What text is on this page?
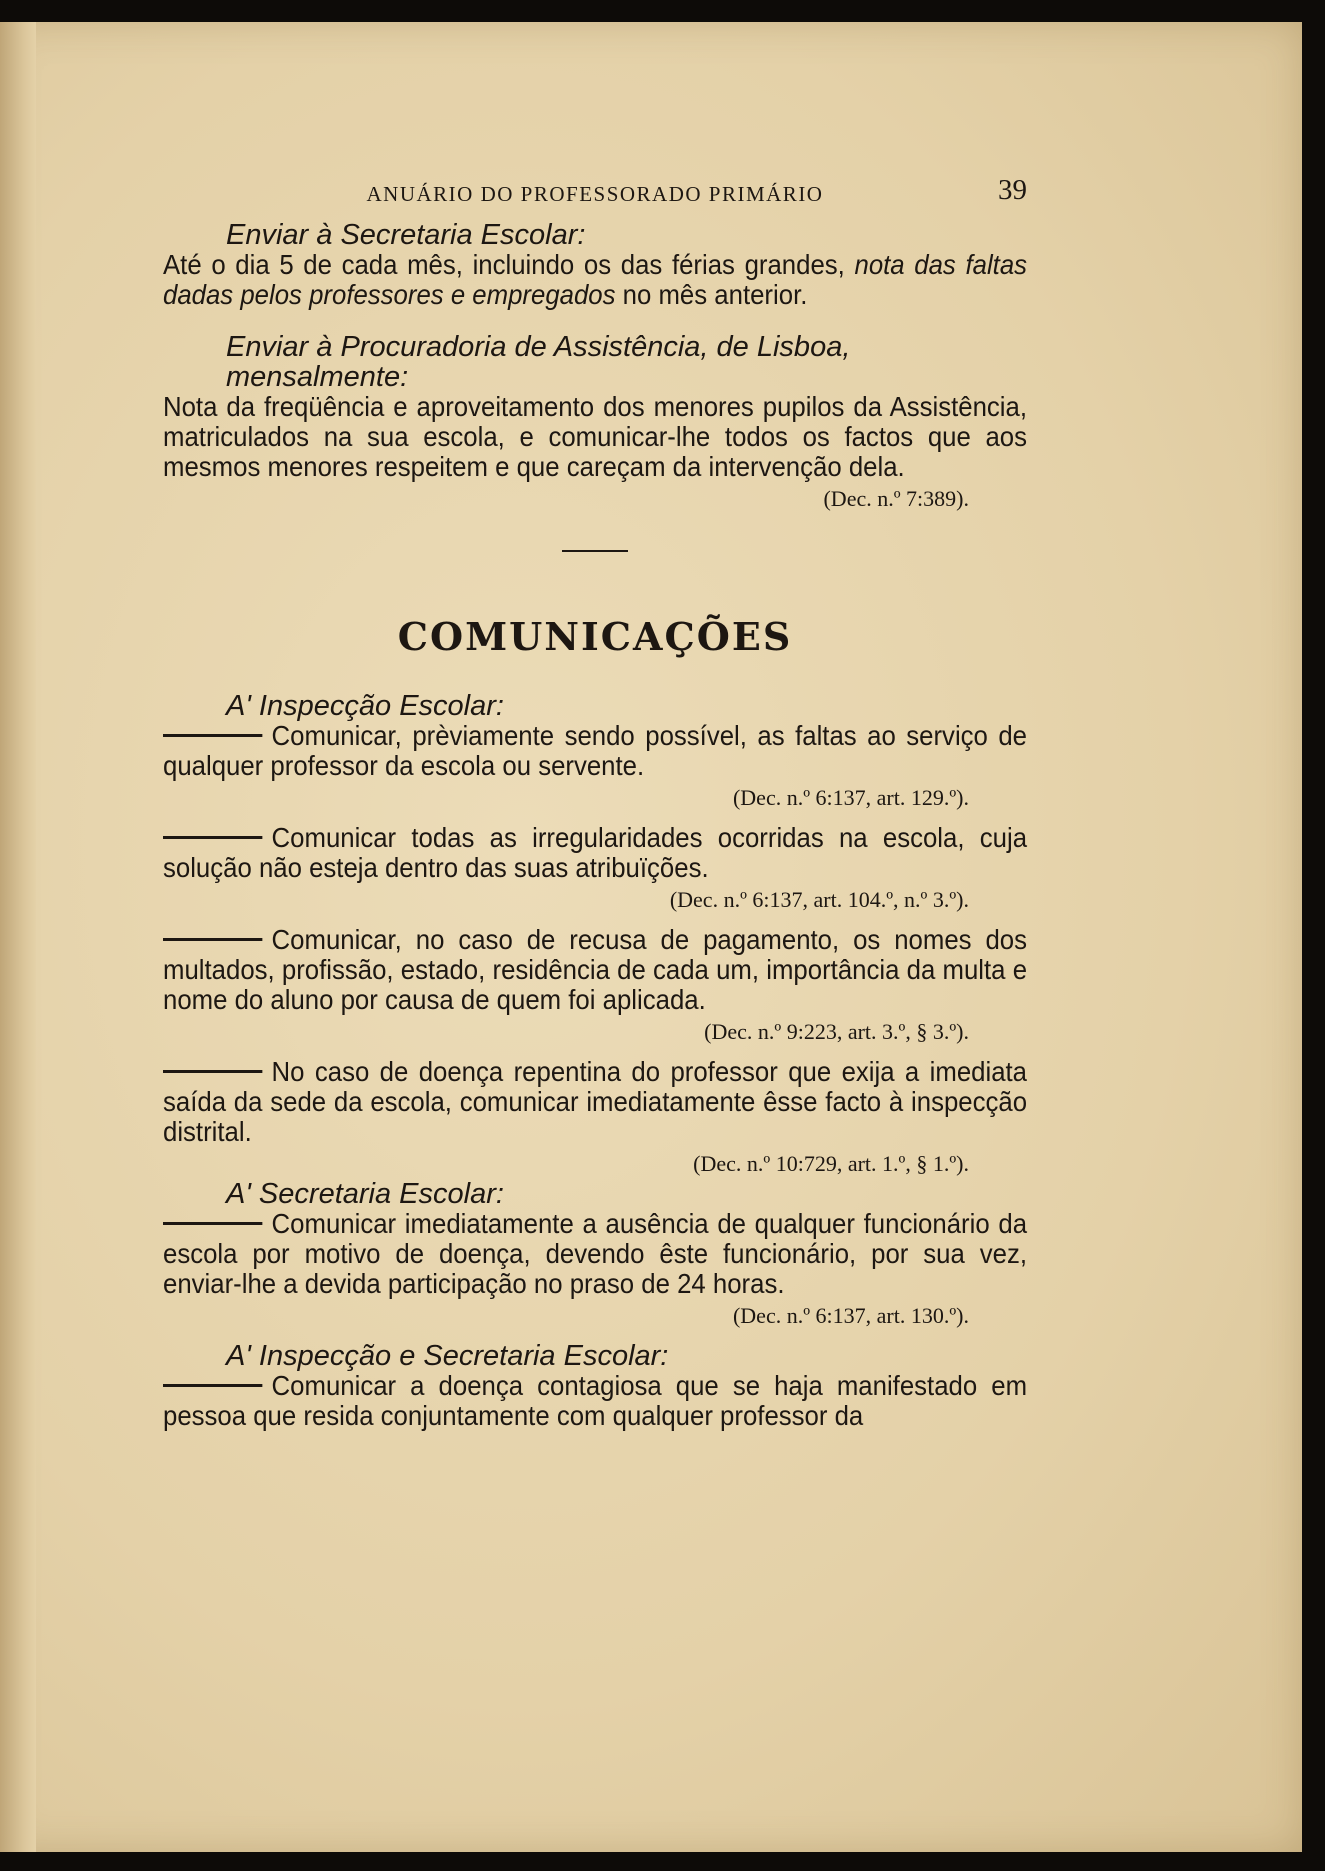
ANUÁRIO DO PROFESSORADO PRIMÁRIO	39
Enviar à Secretaria Escolar:

Até o dia 5 de cada mês, incluindo os das férias grandes, nota das faltas dadas pelos professores e empregados no mês anterior.

Enviar à Procuradoria de Assistência, de Lisboa, mensalmente:

Nota da freqüência e aproveitamento dos menores pupilos da Assistência, matriculados na sua escola, e comunicar-lhe todos os factos que aos mesmos menores respeitem e que careçam da intervenção dela.

(Dec. n.º 7:389).
COMUNICAÇÕES
A' Inspecção Escolar:

Comunicar, prèviamente sendo possível, as faltas ao serviço de qualquer professor da escola ou servente.

(Dec. n.º 6:137, art. 129.º).

Comunicar todas as irregularidades ocorridas na escola, cuja solução não esteja dentro das suas atribuïções.

(Dec. n.º 6:137, art. 104.º, n.º 3.º).

Comunicar, no caso de recusa de pagamento, os nomes dos multados, profissão, estado, residência de cada um, importância da multa e nome do aluno por causa de quem foi aplicada.

(Dec. n.º 9:223, art. 3.º, § 3.º).

No caso de doença repentina do professor que exija a imediata saída da sede da escola, comunicar imediatamente êsse facto à inspecção distrital.

(Dec. n.º 10:729, art. 1.º, § 1.º).
A' Secretaria Escolar:

Comunicar imediatamente a ausência de qualquer funcionário da escola por motivo de doença, devendo êste funcionário, por sua vez, enviar-lhe a devida participação no praso de 24 horas.

(Dec. n.º 6:137, art. 130.º).
A' Inspecção e Secretaria Escolar:

Comunicar a doença contagiosa que se haja manifestado em pessoa que resida conjuntamente com qualquer professor da
